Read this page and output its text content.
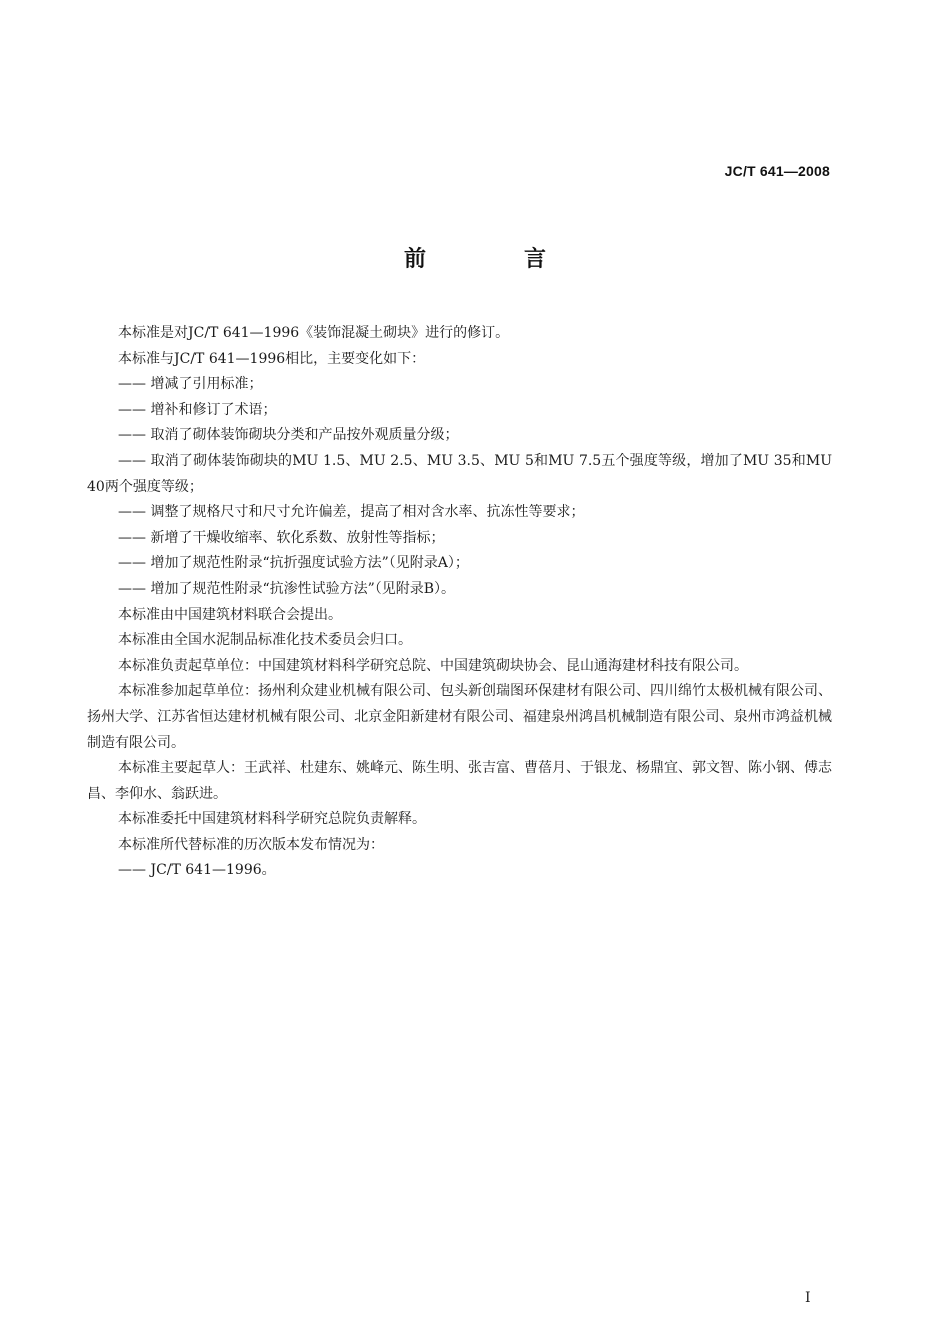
JC/T 641—2008
前　言

本标准是对JC/T 641—1996《装饰混凝土砌块》进行的修订。

本标准与JC/T 641—1996相比，主要变化如下：

—— 增减了引用标准；

—— 增补和修订了术语；

—— 取消了砌体装饰砌块分类和产品按外观质量分级；

—— 取消了砌体装饰砌块的MU 1.5、MU 2.5、MU 3.5、MU 5和MU 7.5五个强度等级，增加了MU 35和MU 40两个强度等级；

—— 调整了规格尺寸和尺寸允许偏差，提高了相对含水率、抗冻性等要求；

—— 新增了干燥收缩率、软化系数、放射性等指标；

—— 增加了规范性附录“抗折强度试验方法”（见附录A）；

—— 增加了规范性附录“抗渗性试验方法”（见附录B）。

本标准由中国建筑材料联合会提出。

本标准由全国水泥制品标准化技术委员会归口。

本标准负责起草单位：中国建筑材料科学研究总院、中国建筑砌块协会、昆山通海建材科技有限公司。

本标准参加起草单位：扬州利众建业机械有限公司、包头新创瑞图环保建材有限公司、四川绵竹太极机械有限公司、扬州大学、江苏省恒达建材机械有限公司、北京金阳新建材有限公司、福建泉州鸿昌机械制造有限公司、泉州市鸿益机械制造有限公司。

本标准主要起草人：王武祥、杜建东、姚峰元、陈生明、张吉富、曹蓓月、于银龙、杨鼎宜、郭文智、陈小钢、傅志昌、李仰水、翁跃进。

本标准委托中国建筑材料科学研究总院负责解释。

本标准所代替标准的历次版本发布情况为：

—— JC/T 641—1996。

I
